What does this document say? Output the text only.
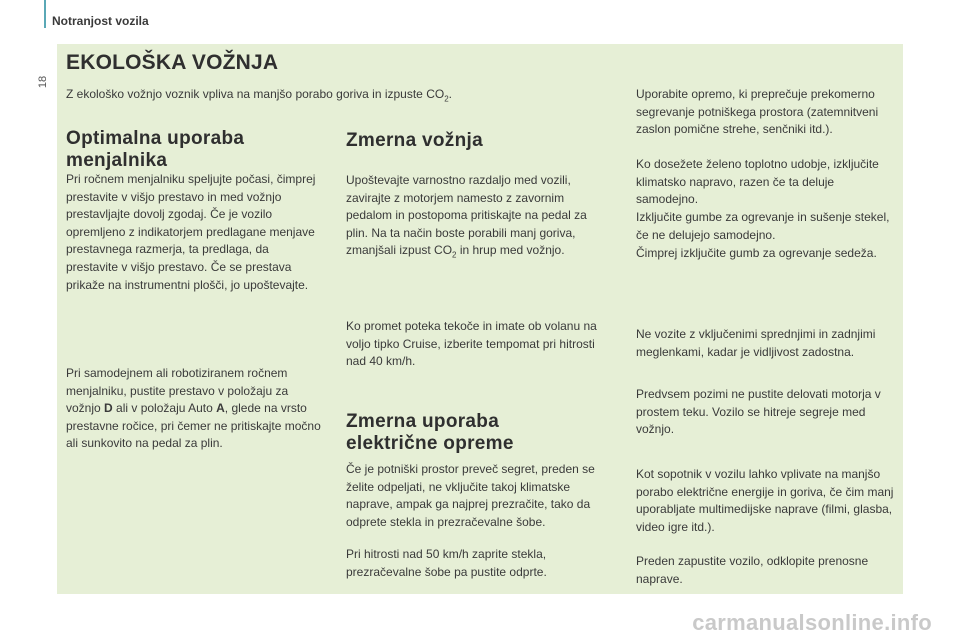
Notranjost vozila
18
EKOLOŠKA VOŽNJA
Z ekološko vožnjo voznik vpliva na manjšo porabo goriva in izpuste $CO_2$.
Optimalna uporaba menjalnika

Pri ročnem menjalniku speljujte počasi, čimprej prestavite v višjo prestavo in med vožnjo prestavljajte dovolj zgodaj. Če je vozilo opremljeno z indikatorjem predlagane menjave prestavnega razmerja, ta predlaga, da prestavite v višjo prestavo. Če se prestava prikaže na instrumentni plošči, jo upoštevajte.

Pri samodejnem ali robotiziranem ročnem menjalniku, pustite prestavo v položaju za vožnjo D ali v položaju Auto A, glede na vrsto prestavne ročice, pri čemer ne pritiskajte močno ali sunkovito na pedal za plin.

Zmerna vožnja

Upoštevajte varnostno razdaljo med vozili, zavirajte z motorjem namesto z zavornim pedalom in postopoma pritiskajte na pedal za plin. Na ta način boste porabili manj goriva, zmanjšali izpust $CO_2$ in hrup med vožnjo.

Ko promet poteka tekoče in imate ob volanu na voljo tipko Cruise, izberite tempomat pri hitrosti nad 40 km/h.

Zmerna uporaba električne opreme

Če je potniški prostor preveč segret, preden se želite odpeljati, ne vključite takoj klimatske naprave, ampak ga najprej prezračite, tako da odprete stekla in prezračevalne šobe.

Pri hitrosti nad 50 km/h zaprite stekla, prezračevalne šobe pa pustite odprte.

Uporabite opremo, ki preprečuje prekomerno segrevanje potniškega prostora (zatemnitveni zaslon pomične strehe, senčniki itd.).

Ko dosežete želeno toplotno udobje, izključite klimatsko napravo, razen če ta deluje samodejno.

Izključite gumbe za ogrevanje in sušenje stekel, če ne delujejo samodejno.

Čimprej izključite gumb za ogrevanje sedeža.

Ne vozite z vključenimi sprednjimi in zadnjimi meglenkami, kadar je vidljivost zadostna.

Predvsem pozimi ne pustite delovati motorja v prostem teku. Vozilo se hitreje segreje med vožnjo.

Kot sopotnik v vozilu lahko vplivate na manjšo porabo električne energije in goriva, če čim manj uporabljate multimedijske naprave (filmi, glasba, video igre itd.).

Preden zapustite vozilo, odklopite prenosne naprave.

carmanualsonline.info
